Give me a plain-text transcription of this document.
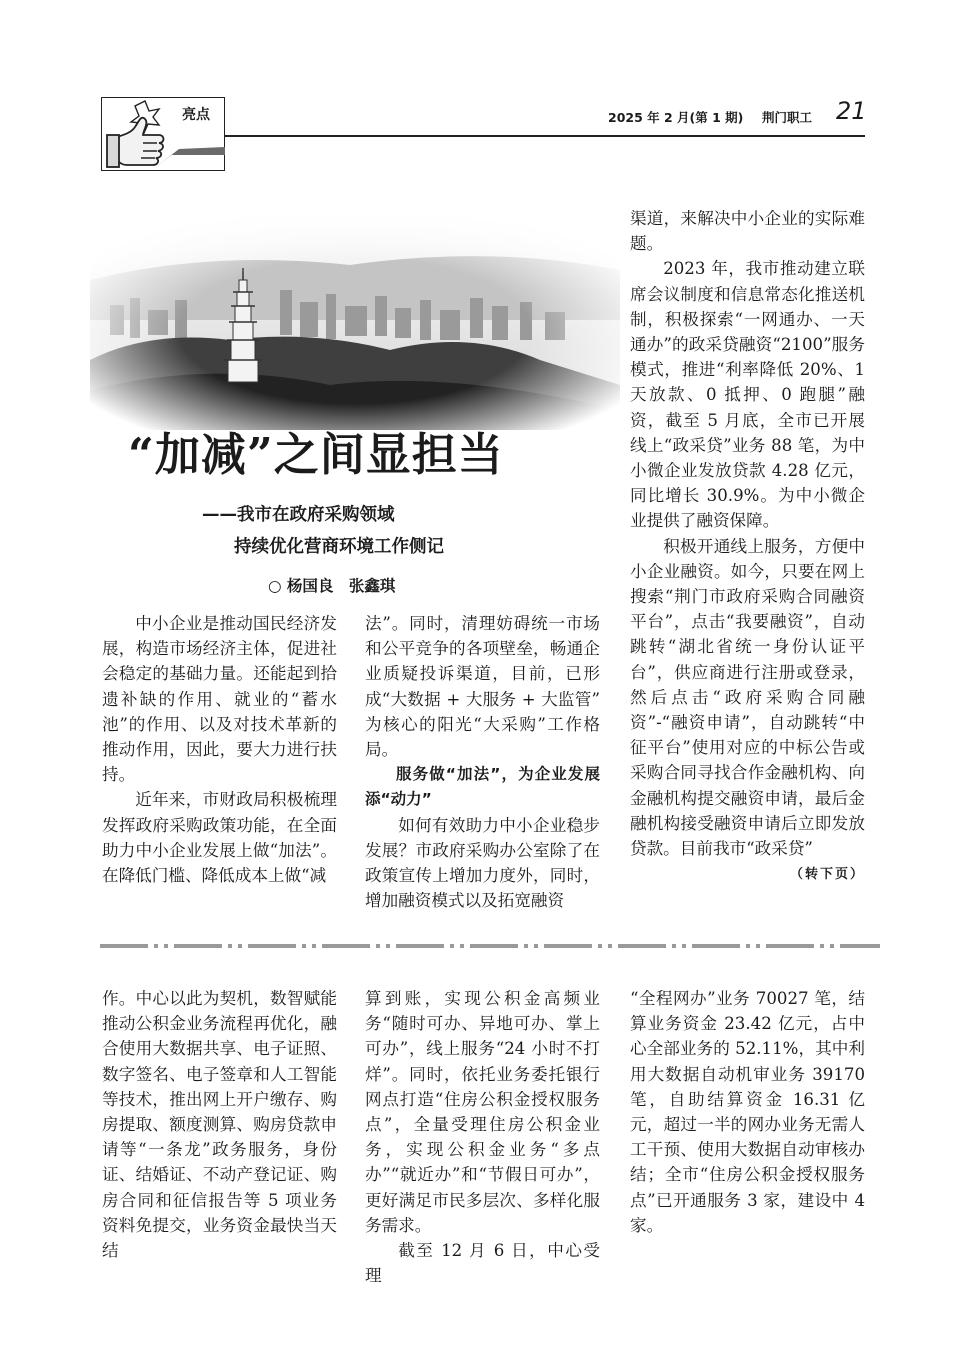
亮点	2025 年 2 月(第 1 期) 荆门职工 21
“加减”之间显担当
——我市在政府采购领域
持续优化营商环境工作侧记
○ 杨国良　张鑫琪

中小企业是推动国民经济发展，构造市场经济主体，促进社会稳定的基础力量。还能起到拾遗补缺的作用、就业的“蓄水池”的作用、以及对技术革新的推动作用，因此，要大力进行扶持。

近年来，市财政局积极梳理发挥政府采购政策功能，在全面助力中小企业发展上做“加法”。在降低门槛、降低成本上做“减

法”。同时，清理妨碍统一市场和公平竞争的各项壁垒，畅通企业质疑投诉渠道，目前，已形成“大数据 + 大服务 + 大监管” 为核心的阳光“大采购”工作格局。

服务做“加法”，为企业发展添“动力”

如何有效助力中小企业稳步发展？市政府采购办公室除了在政策宣传上增加力度外，同时，增加融资模式以及拓宽融资

渠道，来解决中小企业的实际难题。

2023 年，我市推动建立联席会议制度和信息常态化推送机制，积极探索“一网通办、一天通办”的政采贷融资“2100”服务模式，推进“利率降低 20%、1 天放款、0 抵押、0 跑腿”融资，截至 5 月底，全市已开展线上“政采贷”业务 88 笔，为中小微企业发放贷款 4.28 亿元，同比增长 30.9%。为中小微企业提供了融资保障。

积极开通线上服务，方便中小企业融资。如今，只要在网上搜索“荆门市政府采购合同融资平台”，点击“我要融资”，自动跳转“湖北省统一身份认证平台”，供应商进行注册或登录，然后点击“政府采购合同融资”-“融资申请”，自动跳转“中征平台”使用对应的中标公告或采购合同寻找合作金融机构、向金融机构提交融资申请，最后金融机构接受融资申请后立即发放贷款。目前我市“政采贷”
（转下页）

作。中心以此为契机，数智赋能推动公积金业务流程再优化，融合使用大数据共享、电子证照、数字签名、电子签章和人工智能等技术，推出网上开户缴存、购房提取、额度测算、购房贷款申请等“一条龙”政务服务，身份证、结婚证、不动产登记证、购房合同和征信报告等 5 项业务资料免提交，业务资金最快当天结

算到账，实现公积金高频业务“随时可办、异地可办、掌上可办”，线上服务“24 小时不打烊”。同时，依托业务委托银行网点打造“住房公积金授权服务点”，全量受理住房公积金业务，实现公积金业务“多点办”“就近办”和“节假日可办”，更好满足市民多层次、多样化服务需求。

截至 12 月 6 日，中心受理

“全程网办”业务 70027 笔，结算业务资金 23.42 亿元，占中心全部业务的 52.11%，其中利用大数据自动机审业务 39170 笔，自助结算资金 16.31 亿元，超过一半的网办业务无需人工干预、使用大数据自动审核办结；全市“住房公积金授权服务点”已开通服务 3 家，建设中 4 家。
